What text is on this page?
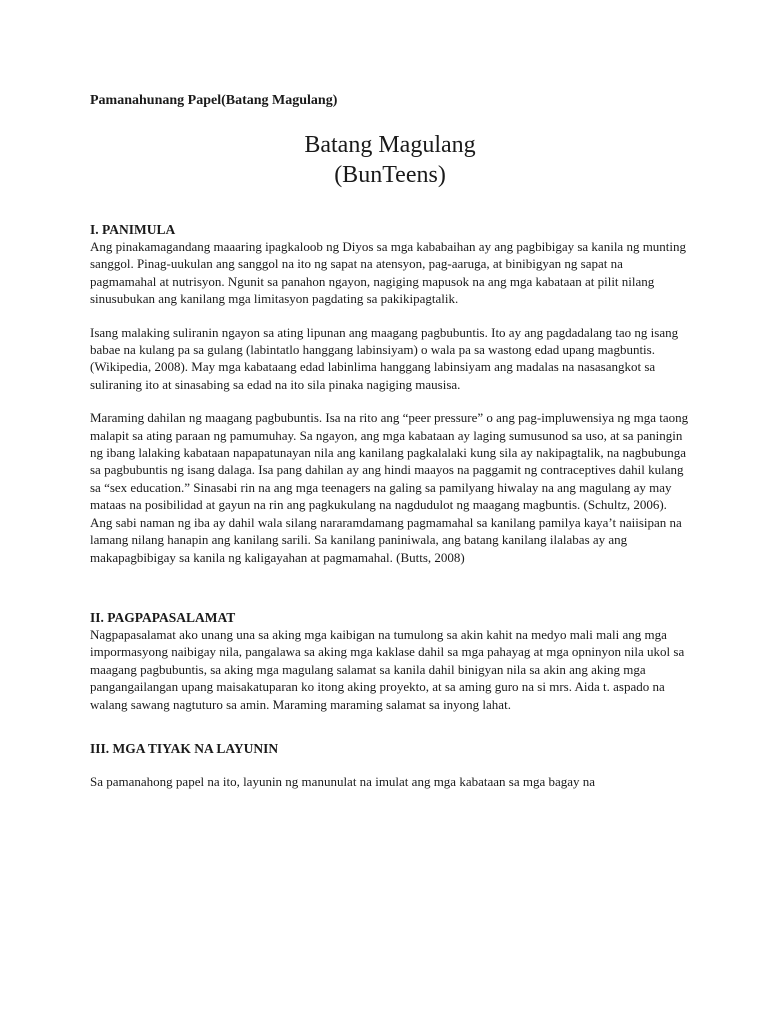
Pamanahunang Papel(Batang Magulang)

Batang Magulang
(BunTeens)

I. PANIMULA

Ang pinakamagandang maaaring ipagkaloob ng Diyos sa mga kababaihan ay ang pagbibigay sa kanila ng munting sanggol. Pinag-uukulan ang sanggol na ito ng sapat na atensyon, pag-aaruga, at binibigyan ng sapat na pagmamahal at nutrisyon. Ngunit sa panahon ngayon, nagiging mapusok na ang mga kabataan at pilit nilang sinusubukan ang kanilang mga limitasyon pagdating sa pakikipagtalik.

Isang malaking suliranin ngayon sa ating lipunan ang maagang pagbubuntis. Ito ay ang pagdadalang tao ng isang babae na kulang pa sa gulang (labintatlo hanggang labinsiyam) o wala pa sa wastong edad upang magbuntis. (Wikipedia, 2008). May mga kabataang edad labinlima hanggang labinsiyam ang madalas na nasasangkot sa suliraning ito at sinasabing sa edad na ito sila pinaka nagiging mausisa.

Maraming dahilan ng maagang pagbubuntis. Isa na rito ang “peer pressure” o ang pag-impluwensiya ng mga taong malapit sa ating paraan ng pamumuhay. Sa ngayon, ang mga kabataan ay laging sumusunod sa uso, at sa paningin ng ibang lalaking kabataan napapatunayan nila ang kanilang pagkalalaki kung sila ay nakipagtalik, na nagbubunga sa pagbubuntis ng isang dalaga. Isa pang dahilan ay ang hindi maayos na paggamit ng contraceptives dahil kulang sa “sex education.” Sinasabi rin na ang mga teenagers na galing sa pamilyang hiwalay na ang magulang ay may mataas na posibilidad at gayun na rin ang pagkukulang na nagdudulot ng maagang magbuntis. (Schultz, 2006). Ang sabi naman ng iba ay dahil wala silang nararamdamang pagmamahal sa kanilang pamilya kaya’t naiisipan na lamang nilang hanapin ang kanilang sarili. Sa kanilang paniniwala, ang batang kanilang ilalabas ay ang makapagbibigay sa kanila ng kaligayahan at pagmamahal. (Butts, 2008)

II. PAGPAPASALAMAT

Nagpapasalamat ako unang una sa aking mga kaibigan na tumulong sa akin kahit na medyo mali mali ang mga impormasyong naibigay nila, pangalawa sa aking mga kaklase dahil sa mga pahayag at mga opninyon nila ukol sa maagang pagbubuntis, sa aking mga magulang salamat sa kanila dahil binigyan nila sa akin ang aking mga pangangailangan upang maisakatuparan ko itong aking proyekto, at sa aming guro na si mrs. Aida t. aspado na walang sawang nagtuturo sa amin. Maraming maraming salamat sa inyong lahat.

III. MGA TIYAK NA LAYUNIN

Sa pamanahong papel na ito, layunin ng manunulat na imulat ang mga kabataan sa mga bagay na
